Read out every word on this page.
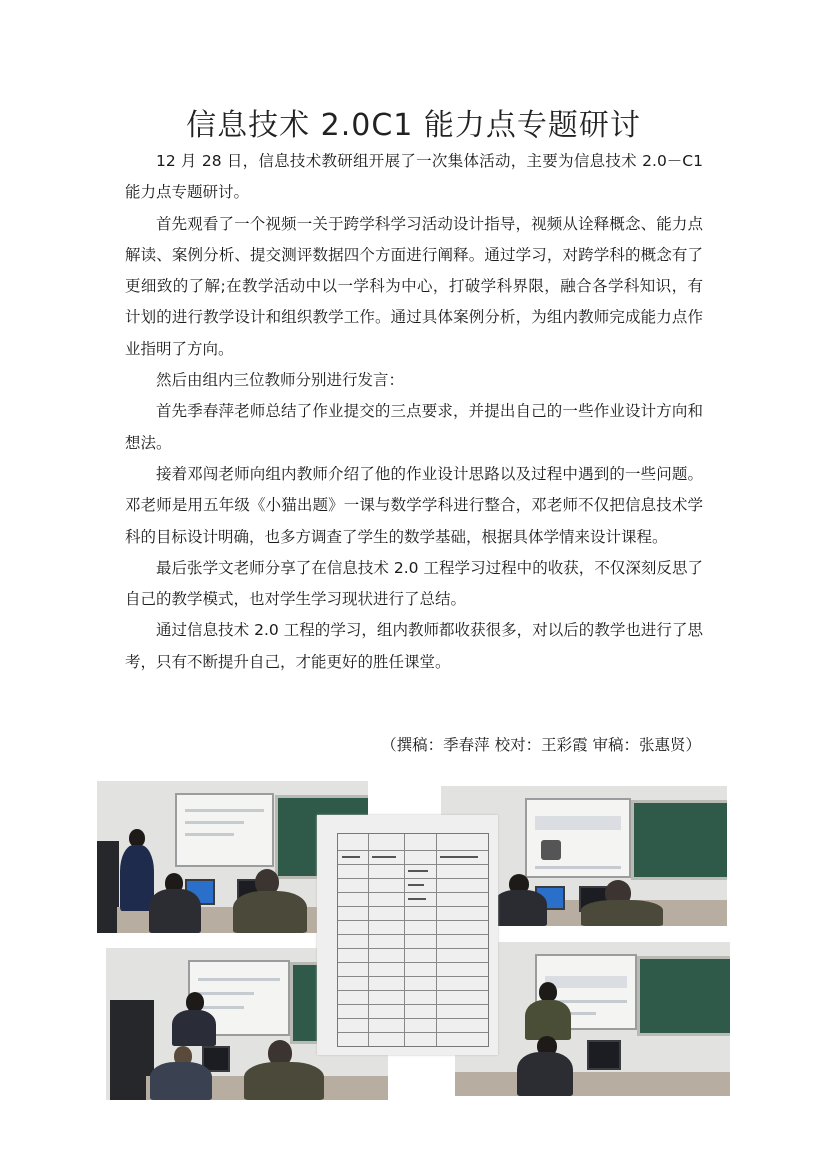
信息技术 2.0C1 能力点专题研讨

12 月 28 日，信息技术教研组开展了一次集体活动，主要为信息技术 2.0－C1 能力点专题研讨。

首先观看了一个视频一关于跨学科学习活动设计指导，视频从诠释概念、能力点解读、案例分析、提交测评数据四个方面进行阐释。通过学习，对跨学科的概念有了更细致的了解;在教学活动中以一学科为中心，打破学科界限，融合各学科知识，有计划的进行教学设计和组织教学工作。通过具体案例分析，为组内教师完成能力点作业指明了方向。

然后由组内三位教师分别进行发言：

首先季春萍老师总结了作业提交的三点要求，并提出自己的一些作业设计方向和想法。

接着邓闯老师向组内教师介绍了他的作业设计思路以及过程中遇到的一些问题。邓老师是用五年级《小猫出题》一课与数学学科进行整合，邓老师不仅把信息技术学科的目标设计明确，也多方调查了学生的数学基础，根据具体学情来设计课程。

最后张学文老师分享了在信息技术 2.0 工程学习过程中的收获，不仅深刻反思了自己的教学模式，也对学生学习现状进行了总结。

通过信息技术 2.0 工程的学习，组内教师都收获很多，对以后的教学也进行了思考，只有不断提升自己，才能更好的胜任课堂。

（撰稿：季春萍 校对：王彩霞 审稿：张惠贤）
